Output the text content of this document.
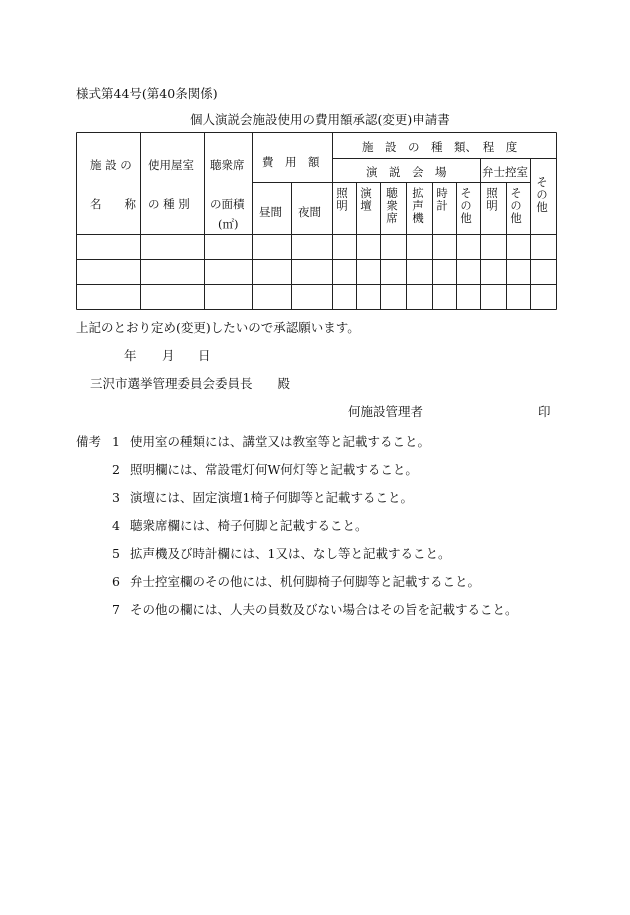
様式第44号(第40条関係)
個人演説会施設使用の費用額承認(変更)申請書
施 設 の
名　　称
使用屋室
の 種 別
聴衆席
の面積
(㎡)
費　用　額
昼間 夜間
施　設　の　種　類、　程　度
演　説　会　場	弁士控室
その他
照明 演壇 聴衆席 拡声機 時計 その他 照明 その他
上記のとおり定め(変更)したいので承認願います。
年 月 日
三沢市選挙管理委員会委員長　　殿
何施設管理者	印
備考 1 使用室の種類には、講堂又は教室等と記載すること。
2 照明欄には、常設電灯何W何灯等と記載すること。
3 演壇には、固定演壇1椅子何脚等と記載すること。
4 聴衆席欄には、椅子何脚と記載すること。
5 拡声機及び時計欄には、1又は、なし等と記載すること。
6 弁士控室欄のその他には、机何脚椅子何脚等と記載すること。
7 その他の欄には、人夫の員数及びない場合はその旨を記載すること。
